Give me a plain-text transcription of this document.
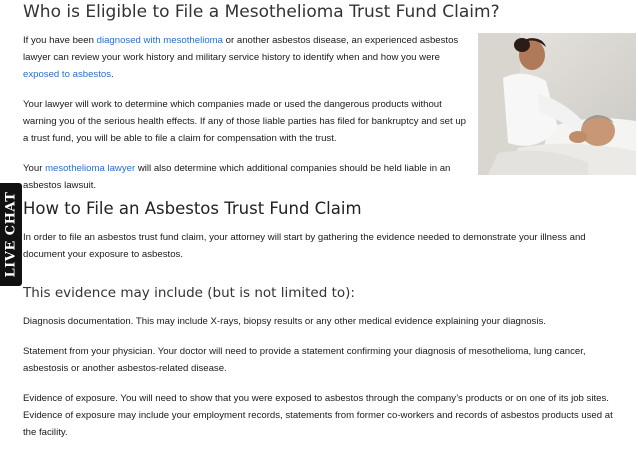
Who is Eligible to File a Mesothelioma Trust Fund Claim?

If you have been diagnosed with mesothelioma or another asbestos disease, an experienced asbestos lawyer can review your work history and military service history to identify when and how you were exposed to asbestos.

Your lawyer will work to determine which companies made or used the dangerous products without warning you of the serious health effects. If any of those liable parties has filed for bankruptcy and set up a trust fund, you will be able to file a claim for compensation with the trust.

Your mesothelioma lawyer will also determine which additional companies should be held liable in an asbestos lawsuit.

How to File an Asbestos Trust Fund Claim

In order to file an asbestos trust fund claim, your attorney will start by gathering the evidence needed to demonstrate your illness and document your exposure to asbestos.

This evidence may include (but is not limited to):

Diagnosis documentation. This may include X-rays, biopsy results or any other medical evidence explaining your diagnosis.

Statement from your physician. Your doctor will need to provide a statement confirming your diagnosis of mesothelioma, lung cancer, asbestosis or another asbestos-related disease.

Evidence of exposure. You will need to show that you were exposed to asbestos through the company’s products or on one of its job sites. Evidence of exposure may include your employment records, statements from former co-workers and records of asbestos products used at the facility.

LIVE CHAT
